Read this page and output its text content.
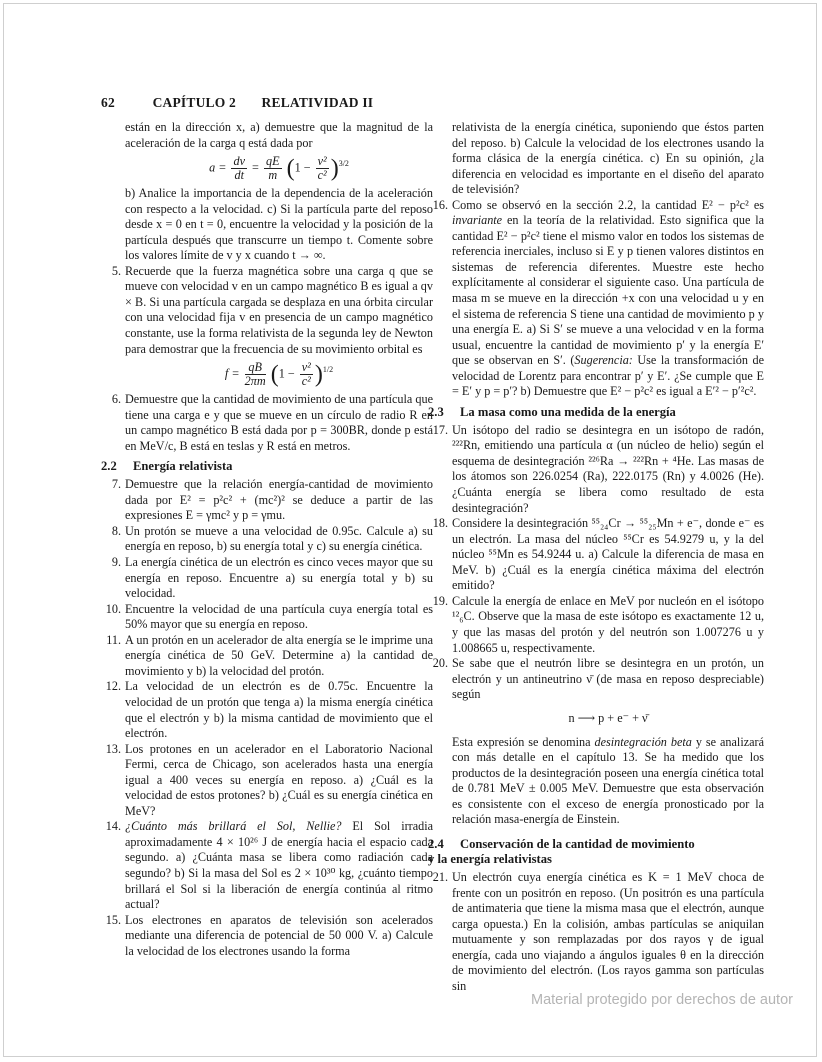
62	CAPÍTULO 2 RELATIVIDAD II

están en la dirección x, a) demuestre que la magnitud de la aceleración de la carga q está dada por

$a = \frac{dv}{dt} = \frac{qE}{m} (1 - \frac{\text{v²}}{\text{c²}} )^{3/2}$

b) Analice la importancia de la dependencia de la aceleración con respecto a la velocidad. c) Si la partícula parte del reposo desde x = 0 en t = 0, encuentre la velocidad y la posición de la partícula después que transcurre un tiempo t. Comente sobre los valores límite de v y x cuando t → ∞.

5. Recuerde que la fuerza magnética sobre una carga q que se mueve con velocidad v en un campo magnético B es igual a qv × B. Si una partícula cargada se desplaza en una órbita circular con una velocidad fija v en presencia de un campo magnético constante, use la forma relativista de la segunda ley de Newton para demostrar que la frecuencia de su movimiento orbital es
$f = \frac{qB}{2\pi m} (1 - \frac{\text{v²}}{\text{c²}} )^{1/2}$
6. Demuestre que la cantidad de movimiento de una partícula que tiene una carga e y que se mueve en un círculo de radio R en un campo magnético B está dada por p = 300BR, donde p está en MeV/c, B está en teslas y R está en metros.
2.2 Energía relativista
7. Demuestre que la relación energía-cantidad de movimiento dada por E² = p²c² + (mc²)² se deduce a partir de las expresiones E = γmc² y p = γmu.
8. Un protón se mueve a una velocidad de 0.95c. Calcule a) su energía en reposo, b) su energía total y c) su energía cinética.
9. La energía cinética de un electrón es cinco veces mayor que su energía en reposo. Encuentre a) su energía total y b) su velocidad.
10. Encuentre la velocidad de una partícula cuya energía total es 50% mayor que su energía en reposo.
11. A un protón en un acelerador de alta energía se le imprime una energía cinética de 50 GeV. Determine a) la cantidad de movimiento y b) la velocidad del protón.
12. La velocidad de un electrón es de 0.75c. Encuentre la velocidad de un protón que tenga a) la misma energía cinética que el electrón y b) la misma cantidad de movimiento que el electrón.
13. Los protones en un acelerador en el Laboratorio Nacional Fermi, cerca de Chicago, son acelerados hasta una energía igual a 400 veces su energía en reposo. a) ¿Cuál es la velocidad de estos protones? b) ¿Cuál es su energía cinética en MeV?
14. ¿Cuánto más brillará el Sol, Nellie? El Sol irradia aproximadamente 4 × 10²⁶ J de energía hacia el espacio cada segundo. a) ¿Cuánta masa se libera como radiación cada segundo? b) Si la masa del Sol es 2 × 10³⁰ kg, ¿cuánto tiempo brillará el Sol si la liberación de energía continúa al ritmo actual?
15. Los electrones en aparatos de televisión son acelerados mediante una diferencia de potencial de 50 000 V. a) Calcule la velocidad de los electrones usando la forma

relativista de la energía cinética, suponiendo que éstos parten del reposo. b) Calcule la velocidad de los electrones usando la forma clásica de la energía cinética. c) En su opinión, ¿la diferencia en velocidad es importante en el diseño del aparato de televisión?

16. Como se observó en la sección 2.2, la cantidad E² − p²c² es invariante en la teoría de la relatividad. Esto significa que la cantidad E² − p²c² tiene el mismo valor en todos los sistemas de referencia inerciales, incluso si E y p tienen valores distintos en sistemas de referencia diferentes. Muestre este hecho explícitamente al considerar el siguiente caso. Una partícula de masa m se mueve en la dirección +x con una velocidad u y en el sistema de referencia S tiene una cantidad de movimiento p y una energía E. a) Si S′ se mueve a una velocidad v en la forma usual, encuentre la cantidad de movimiento p′ y la energía E′ que se observan en S′. (Sugerencia: Use la transformación de velocidad de Lorentz para encontrar p′ y E′. ¿Se cumple que E = E′ y p = p′? b) Demuestre que E² − p²c² es igual a E′² − p′²c².
2.3 La masa como una medida de la energía
17. Un isótopo del radio se desintegra en un isótopo de radón, ²²²Rn, emitiendo una partícula α (un núcleo de helio) según el esquema de desintegración ²²⁶Ra → ²²²Rn + ⁴He. Las masas de los átomos son 226.0254 (Ra), 222.0175 (Rn) y 4.0026 (He). ¿Cuánta energía se libera como resultado de esta desintegración?
18. Considere la desintegración ⁵⁵₂₄Cr → ⁵⁵₂₅Mn + e⁻, donde e⁻ es un electrón. La masa del núcleo ⁵⁵Cr es 54.9279 u, y la del núcleo ⁵⁵Mn es 54.9244 u. a) Calcule la diferencia de masa en MeV. b) ¿Cuál es la energía cinética máxima del electrón emitido?
19. Calcule la energía de enlace en MeV por nucleón en el isótopo ¹²₆C. Observe que la masa de este isótopo es exactamente 12 u, y que las masas del protón y del neutrón son 1.007276 u y 1.008665 u, respectivamente.
20. Se sabe que el neutrón libre se desintegra en un protón, un electrón y un antineutrino ν̄ (de masa en reposo despreciable) según
n ⟶ p + e⁻ + ν̄

Esta expresión se denomina desintegración beta y se analizará con más detalle en el capítulo 13. Se ha medido que los productos de la desintegración poseen una energía cinética total de 0.781 MeV ± 0.005 MeV. Demuestre que esta observación es consistente con el exceso de energía pronosticado por la relación masa-energía de Einstein.

2.4 Conservación de la cantidad de movimiento
y la energía relativistas
21. Un electrón cuya energía cinética es K = 1 MeV choca de frente con un positrón en reposo. (Un positrón es una partícula de antimateria que tiene la misma masa que el electrón, aunque carga opuesta.) En la colisión, ambas partículas se aniquilan mutuamente y son remplazadas por dos rayos γ de igual energía, cada uno viajando a ángulos iguales θ en la dirección de movimiento del electrón. (Los rayos gamma son partículas sin
Material protegido por derechos de autor
